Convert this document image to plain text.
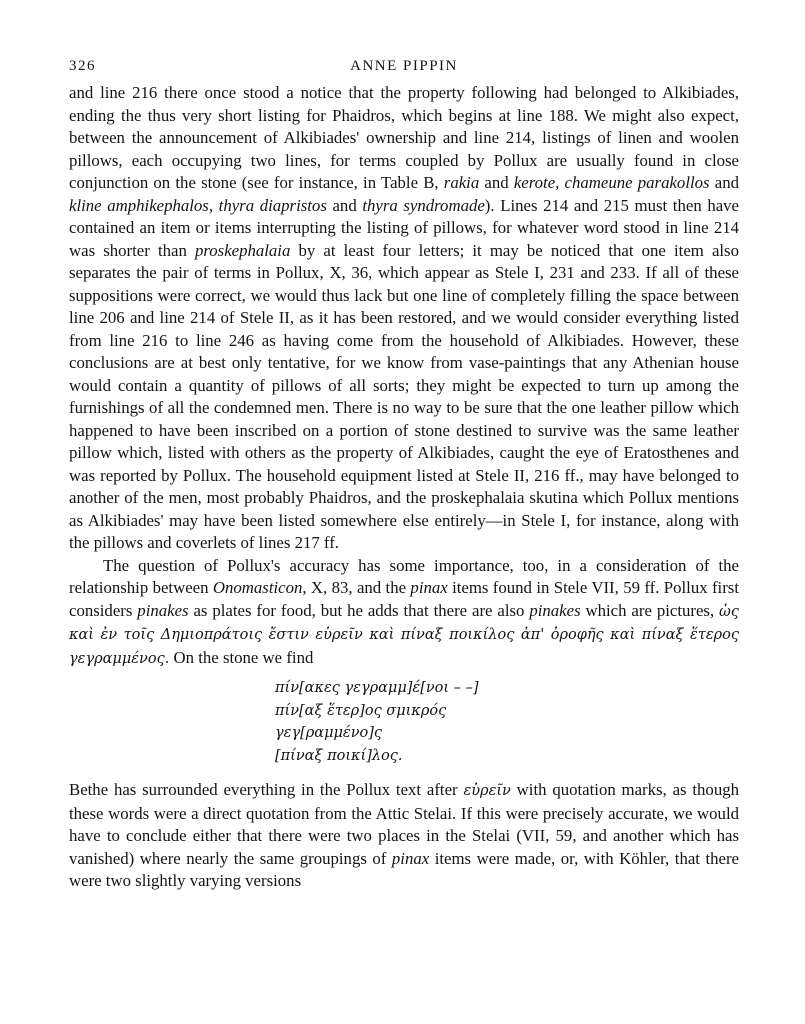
326	ANNE PIPPIN

and line 216 there once stood a notice that the property following had belonged to Alkibiades, ending the thus very short listing for Phaidros, which begins at line 188. We might also expect, between the announcement of Alkibiades' ownership and line 214, listings of linen and woolen pillows, each occupying two lines, for terms coupled by Pollux are usually found in close conjunction on the stone (see for instance, in Table B, rakia and kerote, chameune parakollos and kline amphikephalos, thyra diapristos and thyra syndromade). Lines 214 and 215 must then have contained an item or items interrupting the listing of pillows, for whatever word stood in line 214 was shorter than proskephalaia by at least four letters; it may be noticed that one item also separates the pair of terms in Pollux, X, 36, which appear as Stele I, 231 and 233. If all of these suppositions were correct, we would thus lack but one line of completely filling the space between line 206 and line 214 of Stele II, as it has been restored, and we would consider everything listed from line 216 to line 246 as having come from the household of Alkibiades. However, these conclusions are at best only tentative, for we know from vase-paintings that any Athenian house would contain a quantity of pillows of all sorts; they might be expected to turn up among the furnishings of all the condemned men. There is no way to be sure that the one leather pillow which happened to have been inscribed on a portion of stone destined to survive was the same leather pillow which, listed with others as the property of Alkibiades, caught the eye of Eratosthenes and was reported by Pollux. The household equipment listed at Stele II, 216 ff., may have belonged to another of the men, most probably Phaidros, and the proskephalaia skutina which Pollux mentions as Alkibiades' may have been listed somewhere else entirely—in Stele I, for instance, along with the pillows and coverlets of lines 217 ff.

The question of Pollux's accuracy has some importance, too, in a consideration of the relationship between Onomasticon, X, 83, and the pinax items found in Stele VII, 59 ff. Pollux first considers pinakes as plates for food, but he adds that there are also pinakes which are pictures, ὡς καὶ ἐν τοῖς Δημιοπράτοις ἔστιν εὑρεῖν καὶ πίναξ ποικίλος ἀπ' ὀροφῆς καὶ πίναξ ἕτερος γεγραμμένος. On the stone we find

πίν[ακες γεγραμμ]έ[νοι – –]
πίν[αξ ἕτερ]ος σμικρός
γεγ[ραμμένο]ς
[πίναξ ποικί]λος.

Bethe has surrounded everything in the Pollux text after εὑρεῖν with quotation marks, as though these words were a direct quotation from the Attic Stelai. If this were precisely accurate, we would have to conclude either that there were two places in the Stelai (VII, 59, and another which has vanished) where nearly the same groupings of pinax items were made, or, with Köhler, that there were two slightly varying versions
